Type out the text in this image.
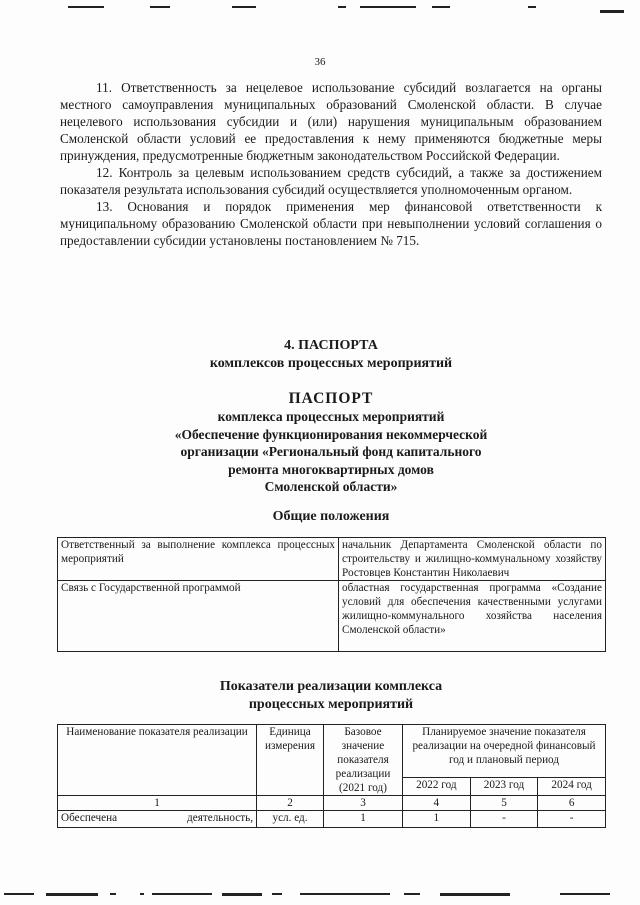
36

11. Ответственность за нецелевое использование субсидий возлагается на органы местного самоуправления муниципальных образований Смоленской области. В случае нецелевого использования субсидии и (или) нарушения муниципальным образованием Смоленской области условий ее предоставления к нему применяются бюджетные меры принуждения, предусмотренные бюджетным законодательством Российской Федерации.

12. Контроль за целевым использованием средств субсидий, а также за достижением показателя результата использования субсидий осуществляется уполномоченным органом.

13. Основания и порядок применения мер финансовой ответственности к муниципальному образованию Смоленской области при невыполнении условий соглашения о предоставлении субсидии установлены постановлением № 715.

4. ПАСПОРТА
комплексов процессных мероприятий
ПАСПОРТ
комплекса процессных мероприятий
«Обеспечение функционирования некоммерческой
организации «Региональный фонд капитального
ремонта многоквартирных домов
Смоленской области»
Общие положения
Ответственный за выполнение комплекса процессных мероприятий	начальник Департамента Смоленской области по строительству и жилищно-коммунальному хозяйству Ростовцев Константин Николаевич
Связь с Государственной программой	областная государственная программа «Создание условий для обеспечения качественными услугами жилищно-коммунального хозяйства населения Смоленской области»
Показатели реализации комплекса
процессных мероприятий
Наименование показателя реализации	Единица измерения	Базовое значение показателя реализации (2021 год)	Планируемое значение показателя реализации на очередной финансовый год и плановый период		
			2022 год	2023 год	2024 год
1	2	3	4	5	6
Обеспечена деятельность,	усл. ед.	1	1	-	-
